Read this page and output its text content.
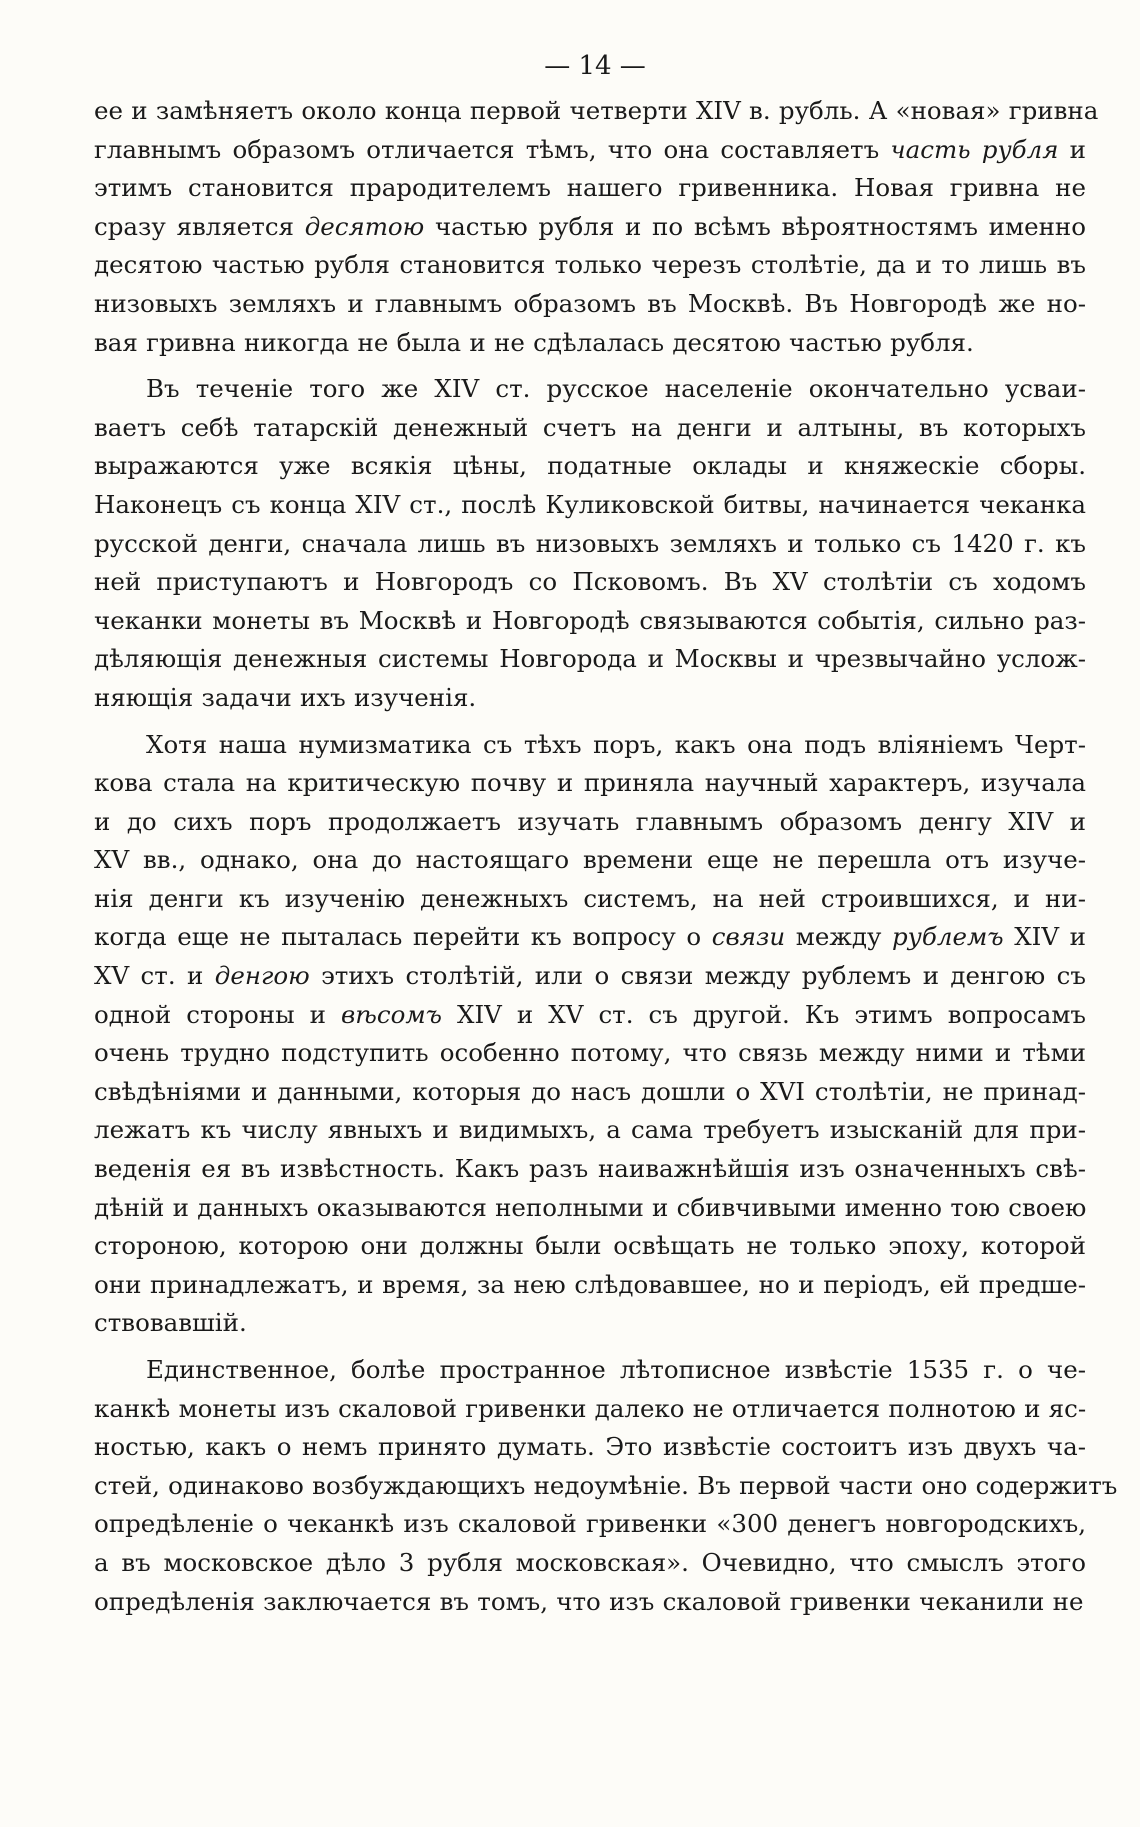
— 14 —
ее и замѣняетъ около конца первой четверти XIV в. рубль. А «новая» гривна
главнымъ образомъ отличается тѣмъ, что она составляетъ часть рубля и
этимъ становится прародителемъ нашего гривенника. Новая гривна не
сразу является десятою частью рубля и по всѣмъ вѣроятностямъ именно
десятою частью рубля становится только черезъ столѣтіе, да и то лишь въ
низовыхъ земляхъ и главнымъ образомъ въ Москвѣ. Въ Новгородѣ же но-
вая гривна никогда не была и не сдѣлалась десятою частью рубля.
Въ теченіе того же XIV ст. русское населеніе окончательно усваи-
ваетъ себѣ татарскій денежный счетъ на денги и алтыны, въ которыхъ
выражаются уже всякія цѣны, податные оклады и княжескіе сборы.
Наконецъ съ конца XIV ст., послѣ Куликовской битвы, начинается чеканка
русской денги, сначала лишь въ низовыхъ земляхъ и только съ 1420 г. къ
ней приступаютъ и Новгородъ со Псковомъ. Въ XV столѣтіи съ ходомъ
чеканки монеты въ Москвѣ и Новгородѣ связываются событія, сильно раз-
дѣляющія денежныя системы Новгорода и Москвы и чрезвычайно услож-
няющія задачи ихъ изученія.
Хотя наша нумизматика съ тѣхъ поръ, какъ она подъ вліяніемъ Черт-
кова стала на критическую почву и приняла научный характеръ, изучала
и до сихъ поръ продолжаетъ изучать главнымъ образомъ денгу XIV и
XV вв., однако, она до настоящаго времени еще не перешла отъ изуче-
нія денги къ изученію денежныхъ системъ, на ней строившихся, и ни-
когда еще не пыталась перейти къ вопросу о связи между рублемъ XIV и
XV ст. и денгою этихъ столѣтій, или о связи между рублемъ и денгою съ
одной стороны и вѣсомъ XIV и XV ст. съ другой. Къ этимъ вопросамъ
очень трудно подступить особенно потому, что связь между ними и тѣми
свѣдѣніями и данными, которыя до насъ дошли о XVI столѣтіи, не принад-
лежатъ къ числу явныхъ и видимыхъ, а сама требуетъ изысканій для при-
веденія ея въ извѣстность. Какъ разъ наиважнѣйшія изъ означенныхъ свѣ-
дѣній и данныхъ оказываются неполными и сбивчивыми именно тою своею
стороною, которою они должны были освѣщать не только эпоху, которой
они принадлежатъ, и время, за нею слѣдовавшее, но и періодъ, ей предше-
ствовавшій.
Единственное, болѣе пространное лѣтописное извѣстіе 1535 г. о че-
канкѣ монеты изъ скаловой гривенки далеко не отличается полнотою и яс-
ностью, какъ о немъ принято думать. Это извѣстіе состоитъ изъ двухъ ча-
стей, одинаково возбуждающихъ недоумѣніе. Въ первой части оно содержитъ
опредѣленіе о чеканкѣ изъ скаловой гривенки «300 денегъ новгородскихъ,
а въ московское дѣло 3 рубля московская». Очевидно, что смыслъ этого
опредѣленія заключается въ томъ, что изъ скаловой гривенки чеканили не
